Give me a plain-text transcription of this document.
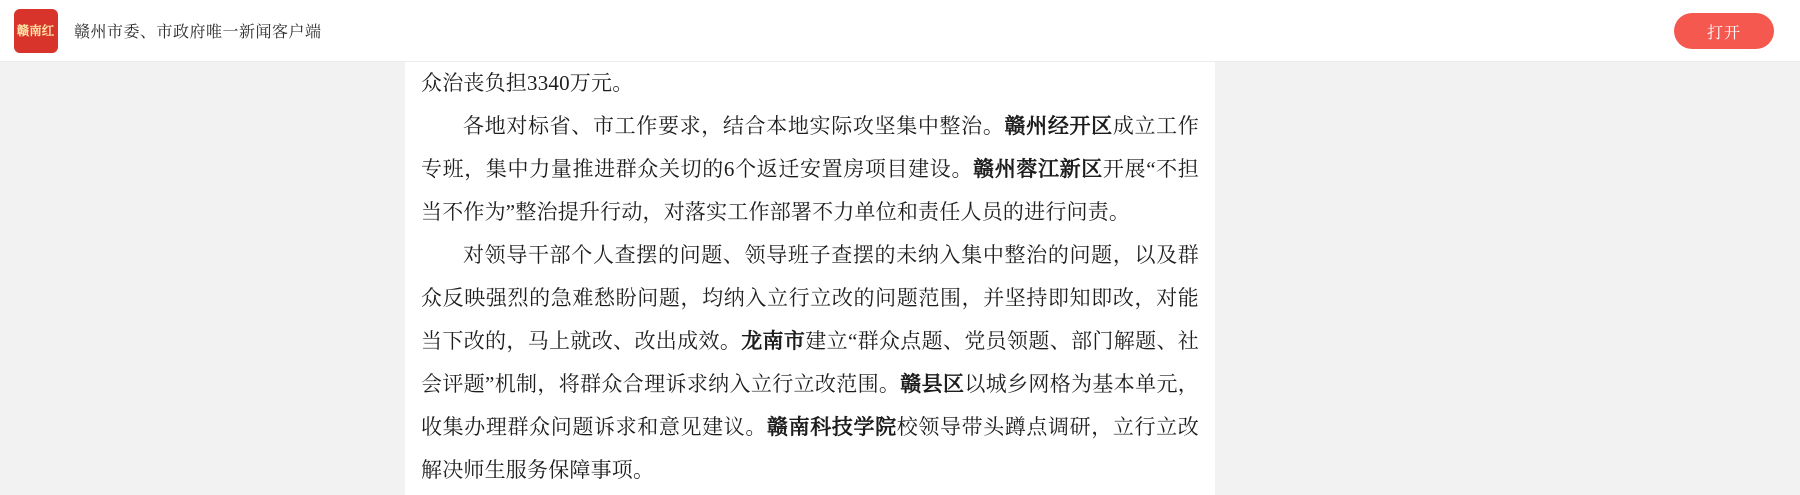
赣南红 赣州市委、市政府唯一新闻客户端	打开

众治丧负担3340万元。

各地对标省、市工作要求，结合本地实际攻坚集中整治。赣州经开区成立工作专班，集中力量推进群众关切的6个返迁安置房项目建设。赣州蓉江新区开展“不担当不作为”整治提升行动，对落实工作部署不力单位和责任人员的进行问责。

对领导干部个人查摆的问题、领导班子查摆的未纳入集中整治的问题，以及群众反映强烈的急难愁盼问题，均纳入立行立改的问题范围，并坚持即知即改，对能当下改的，马上就改、改出成效。龙南市建立“群众点题、党员领题、部门解题、社会评题”机制，将群众合理诉求纳入立行立改范围。赣县区以城乡网格为基本单元，收集办理群众问题诉求和意见建议。赣南科技学院校领导带头蹲点调研，立行立改解决师生服务保障事项。
